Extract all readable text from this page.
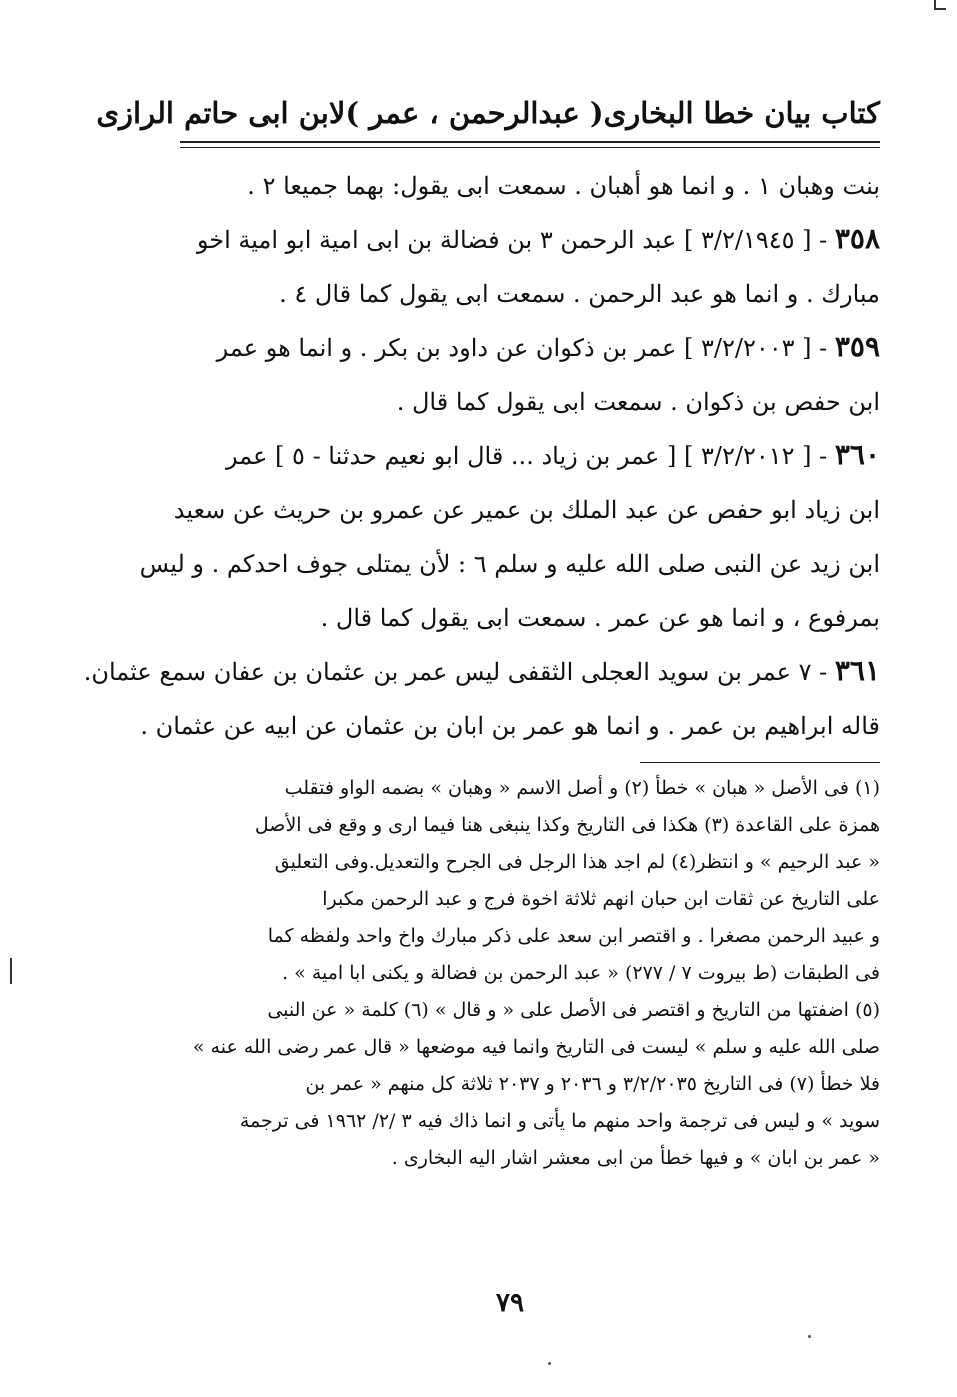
كتاب بيان خطا البخارى
( عبدالرحمن ، عمر )
لابن ابى حاتم الرازى
بنت وهبان ١ . و انما هو أهبان . سمعت ابى يقول: بهما جميعا ٢ .
٣٥٨ - [ ٣/٢/١٩٤٥ ] عبد الرحمن ٣ بن فضالة بن ابى امية ابو امية اخو
مبارك . و انما هو عبد الرحمن . سمعت ابى يقول كما قال ٤ .
٣٥٩ - [ ٣/٢/٢٠٠٣ ] عمر بن ذكوان عن داود بن بكر . و انما هو عمر
ابن حفص بن ذكوان . سمعت ابى يقول كما قال .
٣٦٠ - [ ٣/٢/٢٠١٢ ] [ عمر بن زياد ... قال ابو نعيم حدثنا - ٥ ] عمر
ابن زياد ابو حفص عن عبد الملك بن عمير عن عمرو بن حريث عن سعيد
ابن زيد عن النبى صلى الله عليه و سلم ٦ : لأن يمتلى جوف احدكم . و ليس
بمرفوع ، و انما هو عن عمر . سمعت ابى يقول كما قال .
٣٦١ - ٧ عمر بن سويد العجلى الثقفى ليس عمر بن عثمان بن عفان سمع عثمان.
قاله ابراهيم بن عمر . و انما هو عمر بن ابان بن عثمان عن ابيه عن عثمان .
(١) فى الأصل « هبان » خطأ (٢) و أصل الاسم « وهبان » بضمه الواو فتقلب
همزة على القاعدة (٣) هكذا فى التاريخ وكذا ينبغى هنا فيما ارى و وقع فى الأصل
« عبد الرحيم » و انتظر(٤) لم اجد هذا الرجل فى الجرح والتعديل.وفى التعليق
على التاريخ عن ثقات ابن حبان انهم ثلاثة اخوة فرج و عبد الرحمن مكبرا
و عبيد الرحمن مصغرا . و اقتصر ابن سعد على ذكر مبارك واخ واحد ولفظه كما
فى الطبقات (ط بيروت ٧ / ٢٧٧) « عبد الرحمن بن فضالة و يكنى ابا امية » .
(٥) اضفتها من التاريخ و اقتصر فى الأصل على « و قال » (٦) كلمة « عن النبى
صلى الله عليه و سلم » ليست فى التاريخ وانما فيه موضعها « قال عمر رضى الله عنه »
فلا خطأ (٧) فى التاريخ ٣/٢/٢٠٣٥ و ٢٠٣٦ و ٢٠٣٧ ثلاثة كل منهم « عمر بن
سويد » و ليس فى ترجمة واحد منهم ما يأتى و انما ذاك فيه ٣ /٢/ ١٩٦٢ فى ترجمة
« عمر بن ابان » و فيها خطأ من ابى معشر اشار اليه البخارى .
٧٩
